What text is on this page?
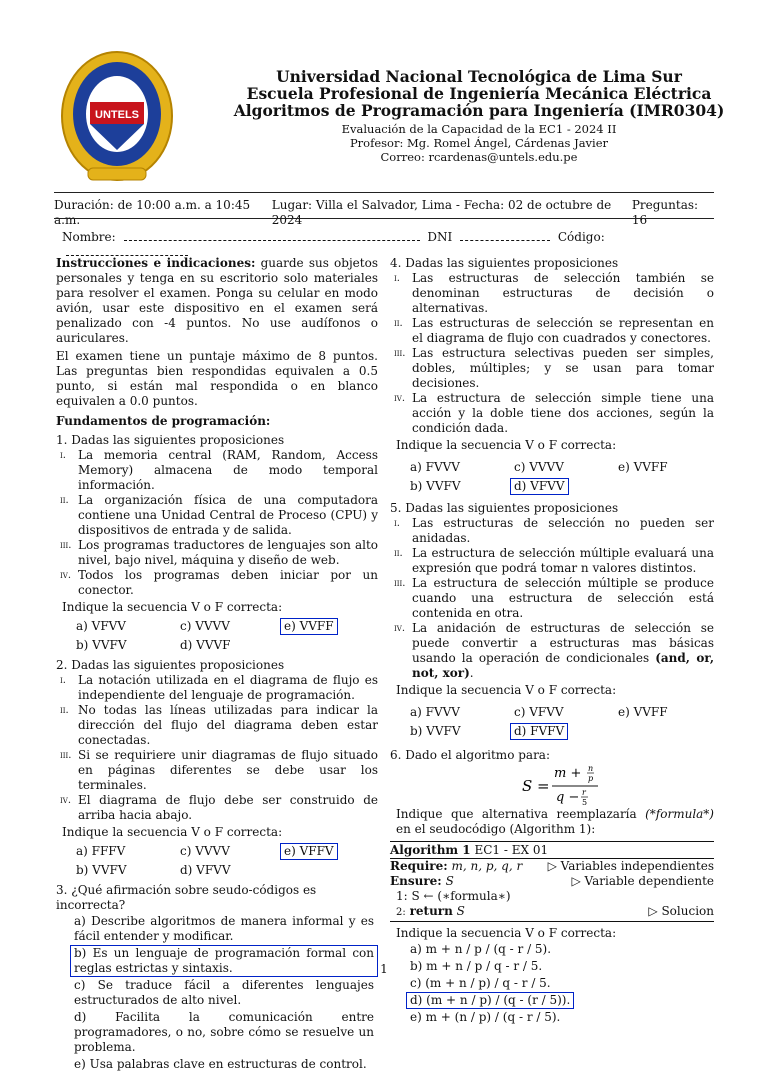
UNTELS
Universidad Nacional Tecnológica de Lima Sur
Escuela Profesional de Ingeniería Mecánica Eléctrica
Algoritmos de Programación para Ingeniería (IMR0304)
Evaluación de la Capacidad de la EC1 - 2024 II
Profesor: Mg. Romel Ángel, Cárdenas Javier
Correo: rcardenas@untels.edu.pe
Duración: de 10:00 a.m. a 10:45 a.m.
Lugar: Villa el Salvador, Lima - Fecha: 02 de octubre de 2024
Preguntas: 16
Nombre:	DNI	Código:

Instrucciones e indicaciones: guarde sus objetos personales y tenga en su escritorio solo materiales para resolver el examen. Ponga su celular en modo avión, usar este dispositivo en el examen será penalizado con -4 puntos. No use audífonos o auriculares.

El examen tiene un puntaje máximo de 8 puntos. Las preguntas bien respondidas equivalen a 0.5 punto, si están mal respondida o en blanco equivalen a 0.0 puntos.

Fundamentos de programación:

1. Dadas las siguientes proposiciones

i. La memoria central (RAM, Random, Access Memory) almacena de modo temporal información.
ii. La organización física de una computadora contiene una Unidad Central de Proceso (CPU) y dispositivos de entrada y de salida.
iii. Los programas traductores de lenguajes son alto nivel, bajo nivel, máquina y diseño de web.
iv. Todos los programas deben iniciar por un conector.

Indique la secuencia V o F correcta:

a) VFVV	c) VVVV	e) VVFF
b) VVFV	d) VVVF

2. Dadas las siguientes proposiciones

i. La notación utilizada en el diagrama de flujo es independiente del lenguaje de programación.
ii. No todas las líneas utilizadas para indicar la dirección del flujo del diagrama deben estar conectadas.
iii. Si se requiriere unir diagramas de flujo situado en páginas diferentes se debe usar los terminales.
iv. El diagrama de flujo debe ser construido de arriba hacia abajo.

Indique la secuencia V o F correcta:

a) FFFV	c) VVVV	e) VFFV
b) VVFV	d) VFVV

3. ¿Qué afirmación sobre seudo-códigos es incorrecta?

a) Describe algoritmos de manera informal y es fácil entender y modificar.
b) Es un lenguaje de programación formal con reglas estrictas y sintaxis.
c) Se traduce fácil a diferentes lenguajes estructurados de alto nivel.
d) Facilita la comunicación entre programadores, o no, sobre cómo se resuelve un problema.
e) Usa palabras clave en estructuras de control.

4. Dadas las siguientes proposiciones

i. Las estructuras de selección también se denominan estructuras de decisión o alternativas.
ii. Las estructuras de selección se representan en el diagrama de flujo con cuadrados y conectores.
iii. Las estructura selectivas pueden ser simples, dobles, múltiples; y se usan para tomar decisiones.
iv. La estructura de selección simple tiene una acción y la doble tiene dos acciones, según la condición dada.

Indique la secuencia V o F correcta:

a) FVVV	c) VVVV	e) VVFF
b) VVFV	d) VFVV

5. Dadas las siguientes proposiciones

i. Las estructuras de selección no pueden ser anidadas.
ii. La estructura de selección múltiple evaluará una expresión que podrá tomar n valores distintos.
iii. La estructura de selección múltiple se produce cuando una estructura de selección está contenida en otra.
iv. La anidación de estructuras de selección se puede convertir a estructuras mas básicas usando la operación de condicionales (and, or, not, xor).

Indique la secuencia V o F correcta:

a) FVVV	c) VFVV	e) VVFF
b) VVFV	d) FVFV

6. Dado el algoritmo para:

S =
m + n
p
q − r
5

Indique que alternativa reemplazaría (*formula*) en el seudocódigo (Algorithm 1):

Algorithm 1 EC1 - EX 01
Require: m, n, p, q, r ▷ Variables independientes
Ensure: S	▷ Variable dependiente
1: S ← (∗formula∗)
2: return S	▷ Solucion

Indique la secuencia V o F correcta:

a) m + n / p / (q - r / 5).
b) m + n / p / q - r / 5.
c) (m + n / p) / q - r / 5.
d) (m + n / p) / (q - (r / 5)).
e) m + (n / p) / (q - r / 5).
1
